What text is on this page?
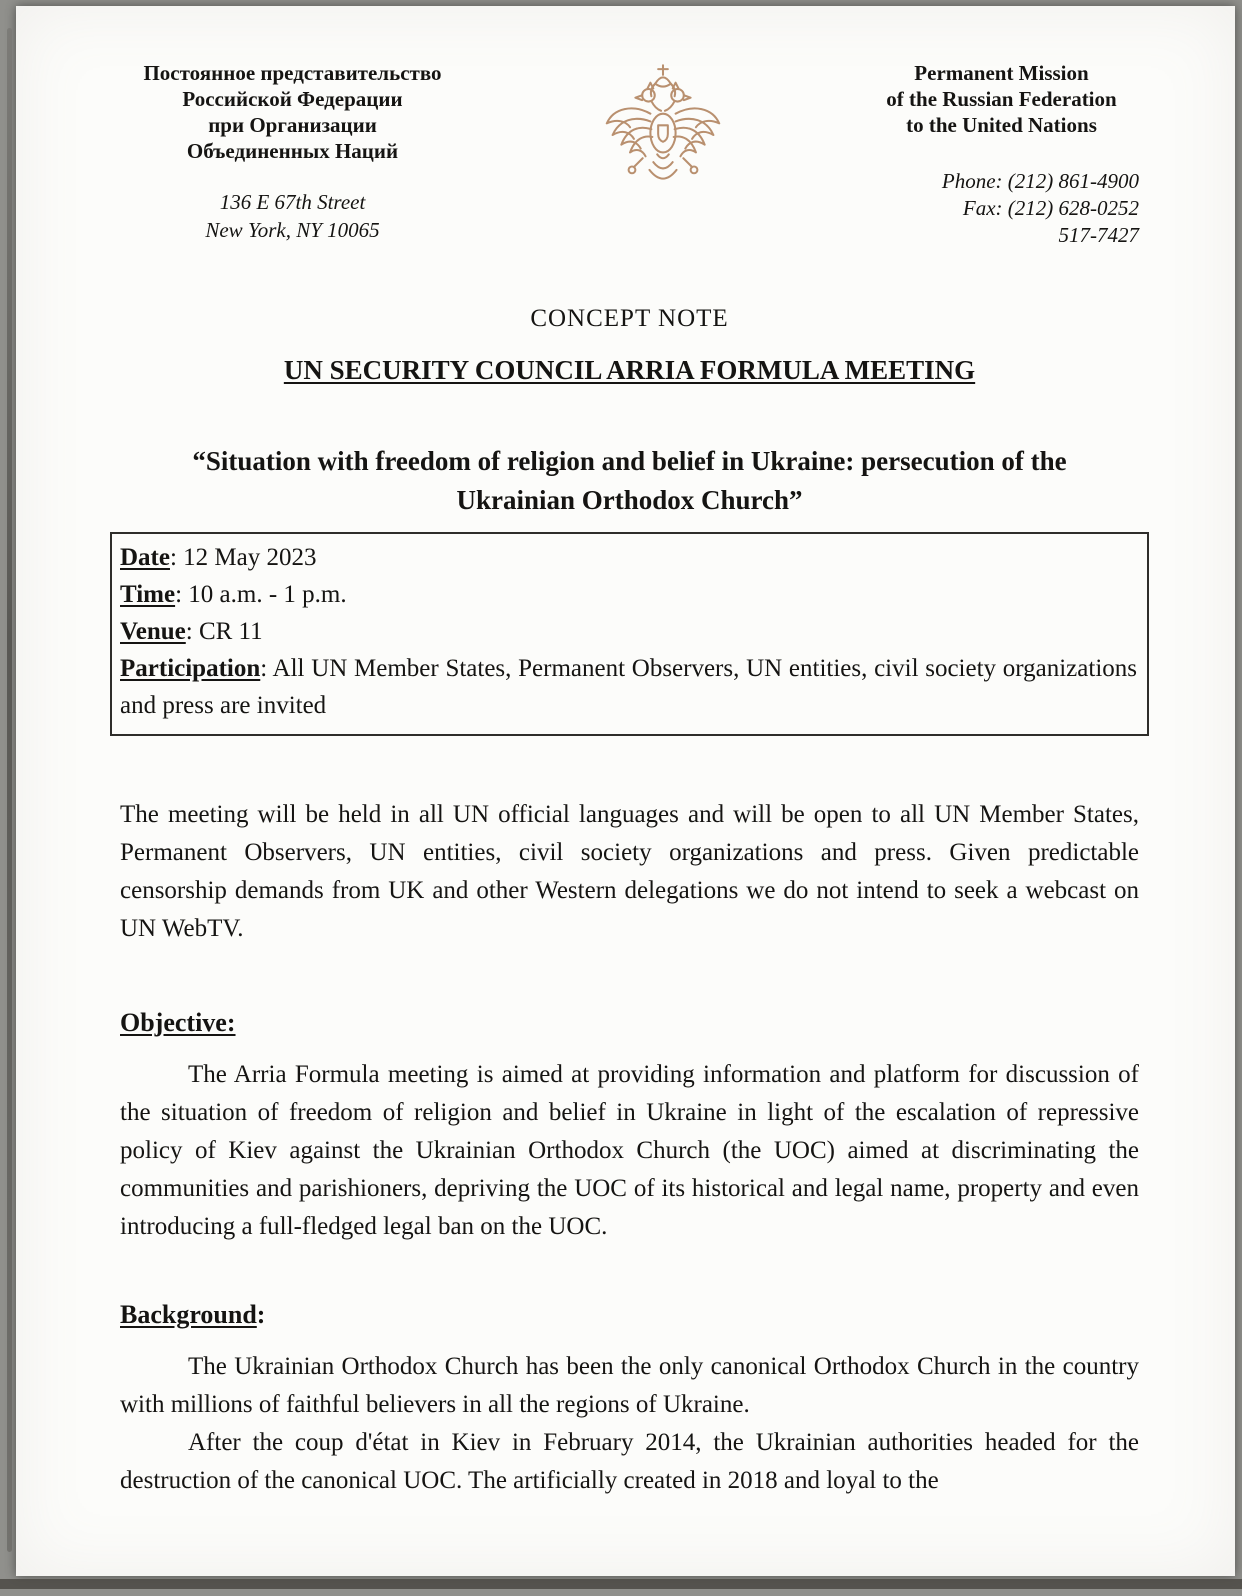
Постоянное представительство
Российской Федерации
при Организации
Объединенных Наций
136 E 67th Street
New York, NY 10065
Permanent Mission
of the Russian Federation
to the United Nations
Phone: (212) 861-4900
Fax: (212) 628-0252
517-7427
CONCEPT NOTE
UN SECURITY COUNCIL ARRIA FORMULA MEETING
“Situation with freedom of religion and belief in Ukraine: persecution of the Ukrainian Orthodox Church”

Date: 12 May 2023

Time: 10 a.m. - 1 p.m.

Venue: CR 11

Participation: All UN Member States, Permanent Observers, UN entities, civil society organizations and press are invited

The meeting will be held in all UN official languages and will be open to all UN Member States, Permanent Observers, UN entities, civil society organizations and press. Given predictable censorship demands from UK and other Western delegations we do not intend to seek a webcast on UN WebTV.

Objective:

The Arria Formula meeting is aimed at providing information and platform for discussion of the situation of freedom of religion and belief in Ukraine in light of the escalation of repressive policy of Kiev against the Ukrainian Orthodox Church (the UOC) aimed at discriminating the communities and parishioners, depriving the UOC of its historical and legal name, property and even introducing a full-fledged legal ban on the UOC.

Background:

The Ukrainian Orthodox Church has been the only canonical Orthodox Church in the country with millions of faithful believers in all the regions of Ukraine.

After the coup d'état in Kiev in February 2014, the Ukrainian authorities headed for the destruction of the canonical UOC. The artificially created in 2018 and loyal to the
